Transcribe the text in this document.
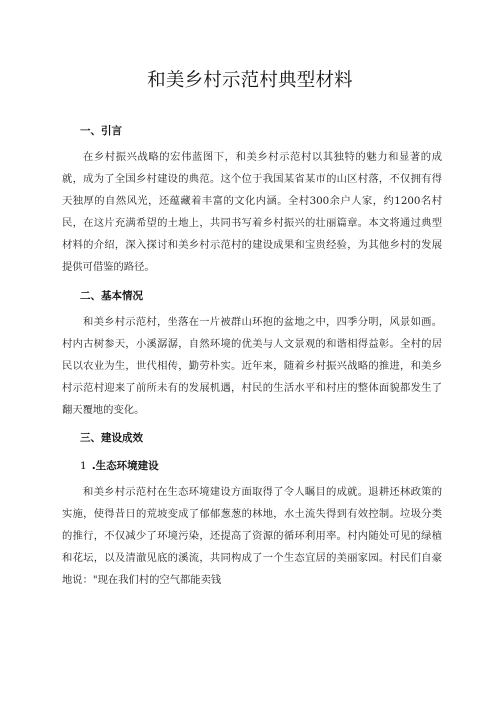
和美乡村示范村典型材料
一、引言

在乡村振兴战略的宏伟蓝图下，和美乡村示范村以其独特的魅力和显著的成就，成为了全国乡村建设的典范。这个位于我国某省某市的山区村落，不仅拥有得天独厚的自然风光，还蕴藏着丰富的文化内涵。全村300余户人家，约1200名村民，在这片充满希望的土地上，共同书写着乡村振兴的壮丽篇章。本文将通过典型材料的介绍，深入探讨和美乡村示范村的建设成果和宝贵经验，为其他乡村的发展提供可借鉴的路径。

二、基本情况

和美乡村示范村，坐落在一片被群山环抱的盆地之中，四季分明，风景如画。村内古树参天，小溪潺潺，自然环境的优美与人文景观的和谐相得益彰。全村的居民以农业为生，世代相传，勤劳朴实。近年来，随着乡村振兴战略的推进，和美乡村示范村迎来了前所未有的发展机遇，村民的生活水平和村庄的整体面貌都发生了翻天覆地的变化。

三、建设成效
1 .生态环境建设

和美乡村示范村在生态环境建设方面取得了令人瞩目的成就。退耕还林政策的实施，使得昔日的荒坡变成了郁郁葱葱的林地，水土流失得到有效控制。垃圾分类的推行，不仅减少了环境污染，还提高了资源的循环利用率。村内随处可见的绿植和花坛，以及清澈见底的溪流，共同构成了一个生态宜居的美丽家园。村民们自豪地说："现在我们村的空气都能卖钱
